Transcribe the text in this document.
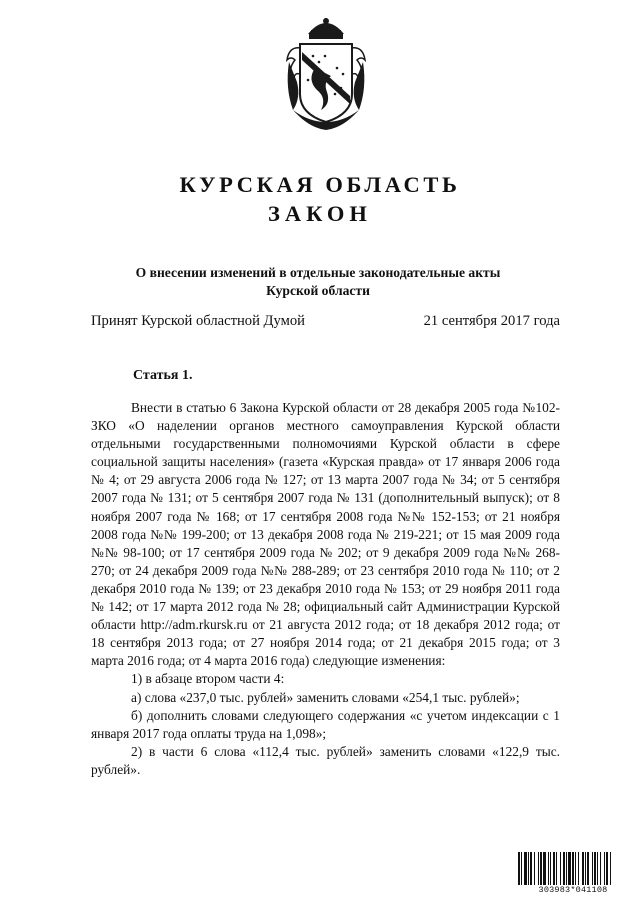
КУРСКАЯ ОБЛАСТЬ
ЗАКОН
О внесении изменений в отдельные законодательные акты Курской области
Принят Курской областной Думой	21 сентября 2017 года
Статья 1.

Внести в статью 6 Закона Курской области от 28 декабря 2005 года №102-ЗКО «О наделении органов местного самоуправления Курской области отдельными государственными полномочиями Курской области в сфере социальной защиты населения» (газета «Курская правда» от 17 января 2006 года № 4; от 29 августа 2006 года № 127; от 13 марта 2007 года № 34; от 5 сентября 2007 года № 131; от 5 сентября 2007 года № 131 (дополнительный выпуск); от 8 ноября 2007 года № 168; от 17 сентября 2008 года №№ 152-153; от 21 ноября 2008 года №№ 199-200; от 13 декабря 2008 года № 219-221; от 15 мая 2009 года №№ 98-100; от 17 сентября 2009 года № 202; от 9 декабря 2009 года №№ 268-270; от 24 декабря 2009 года №№ 288-289; от 23 сентября 2010 года № 110; от 2 декабря 2010 года № 139; от 23 декабря 2010 года № 153; от 29 ноября 2011 года № 142; от 17 марта 2012 года № 28; официальный сайт Администрации Курской области http://adm.rkursk.ru от 21 августа 2012 года; от 18 декабря 2012 года; от 18 сентября 2013 года; от 27 ноября 2014 года; от 21 декабря 2015 года; от 3 марта 2016 года; от 4 марта 2016 года) следующие изменения:

1) в абзаце втором части 4:

а) слова «237,0 тыс. рублей» заменить словами «254,1 тыс. рублей»;

б) дополнить словами следующего содержания «с учетом индексации с 1 января 2017 года оплаты труда на 1,098»;

2) в части 6 слова «112,4 тыс. рублей» заменить словами «122,9 тыс. рублей».

303983*041108
